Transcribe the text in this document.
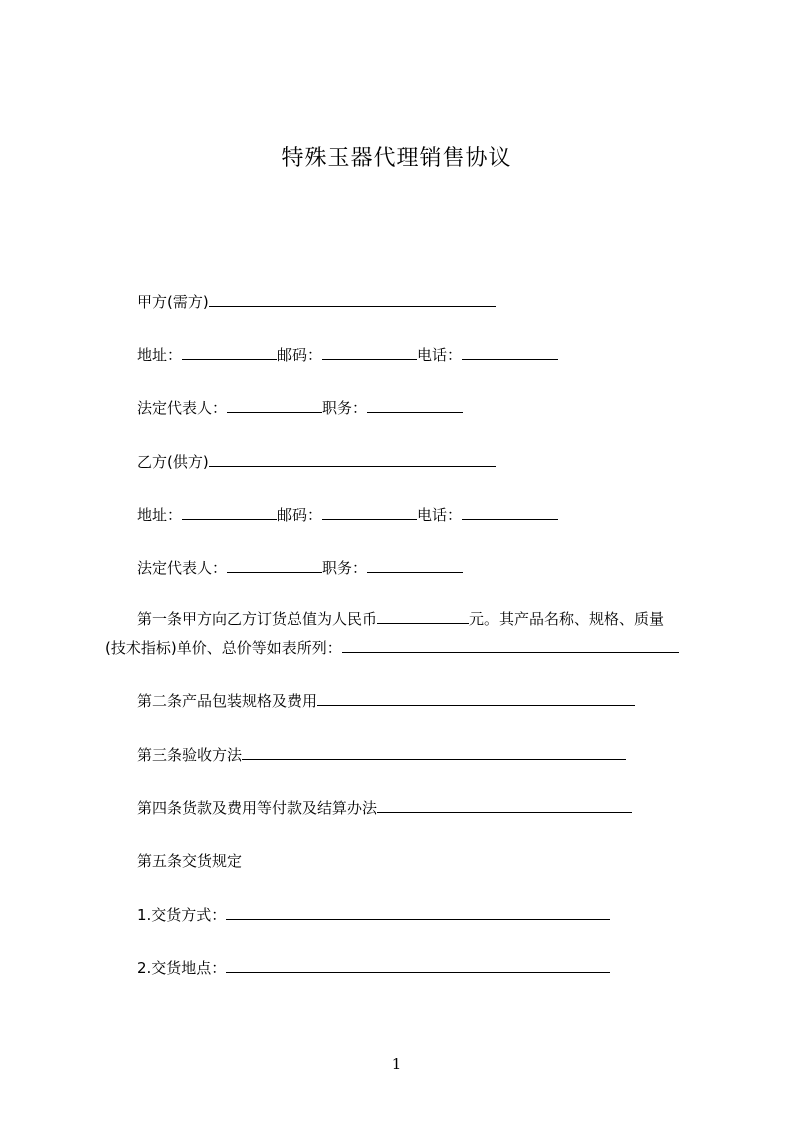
特殊玉器代理销售协议
甲方(需方)
地址：	邮码：	电话：
法定代表人：	职务：
乙方(供方)
地址：	邮码：	电话：
法定代表人：	职务：
第一条甲方向乙方订货总值为人民币	元。其产品名称、规格、质量
(技术指标)单价、总价等如表所列：
第二条产品包装规格及费用
第三条验收方法
第四条货款及费用等付款及结算办法
第五条交货规定
1.交货方式：
2.交货地点：
1
